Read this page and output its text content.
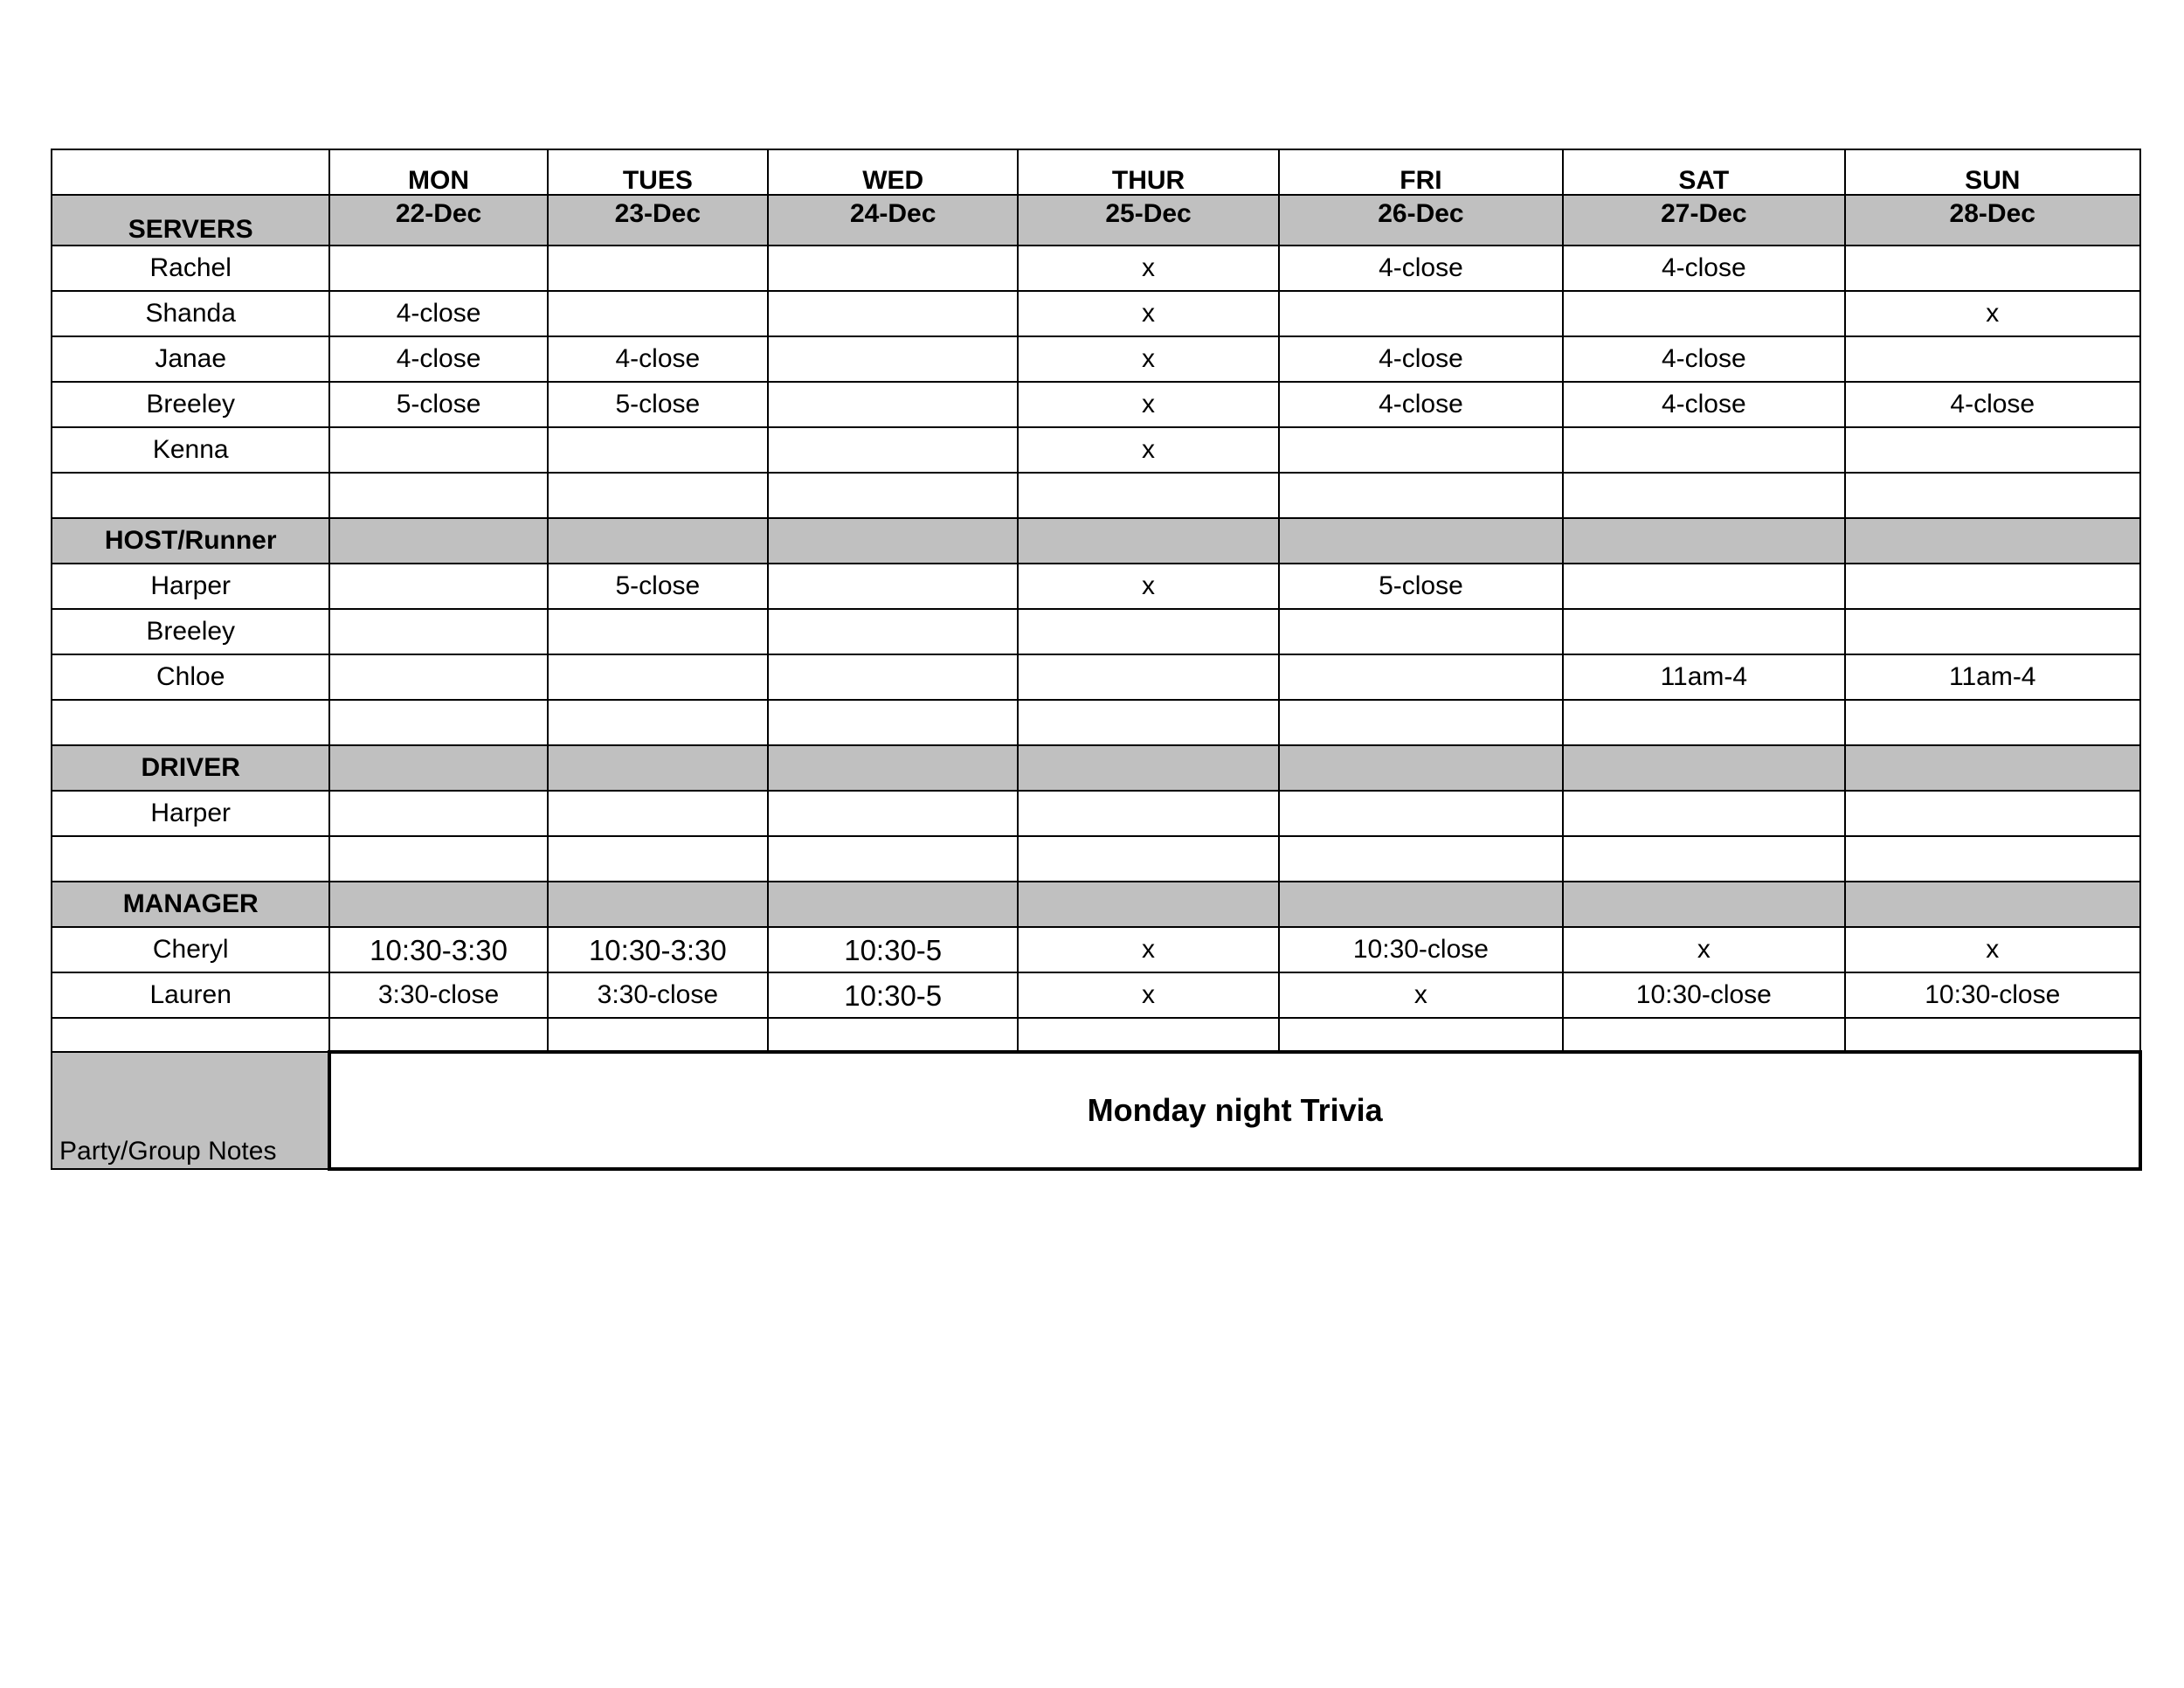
	MON	TUES	WED	THUR	FRI	SAT	SUN
SERVERS	22-Dec	23-Dec	24-Dec	25-Dec	26-Dec	27-Dec	28-Dec
Rachel				x	4-close	4-close	
Shanda	4-close			x			x
Janae	4-close	4-close		x	4-close	4-close	
Breeley	5-close	5-close		x	4-close	4-close	4-close
Kenna				x			

HOST/Runner							
Harper		5-close		x	5-close		
Breeley							
Chloe						11am-4	11am-4

DRIVER							
Harper							

MANAGER							
Cheryl	10:30-3:30	10:30-3:30	10:30-5	x	10:30-close	x	x
Lauren	3:30-close	3:30-close	10:30-5	x	x	10:30-close	10:30-close

Party/Group Notes	Monday night Trivia						
